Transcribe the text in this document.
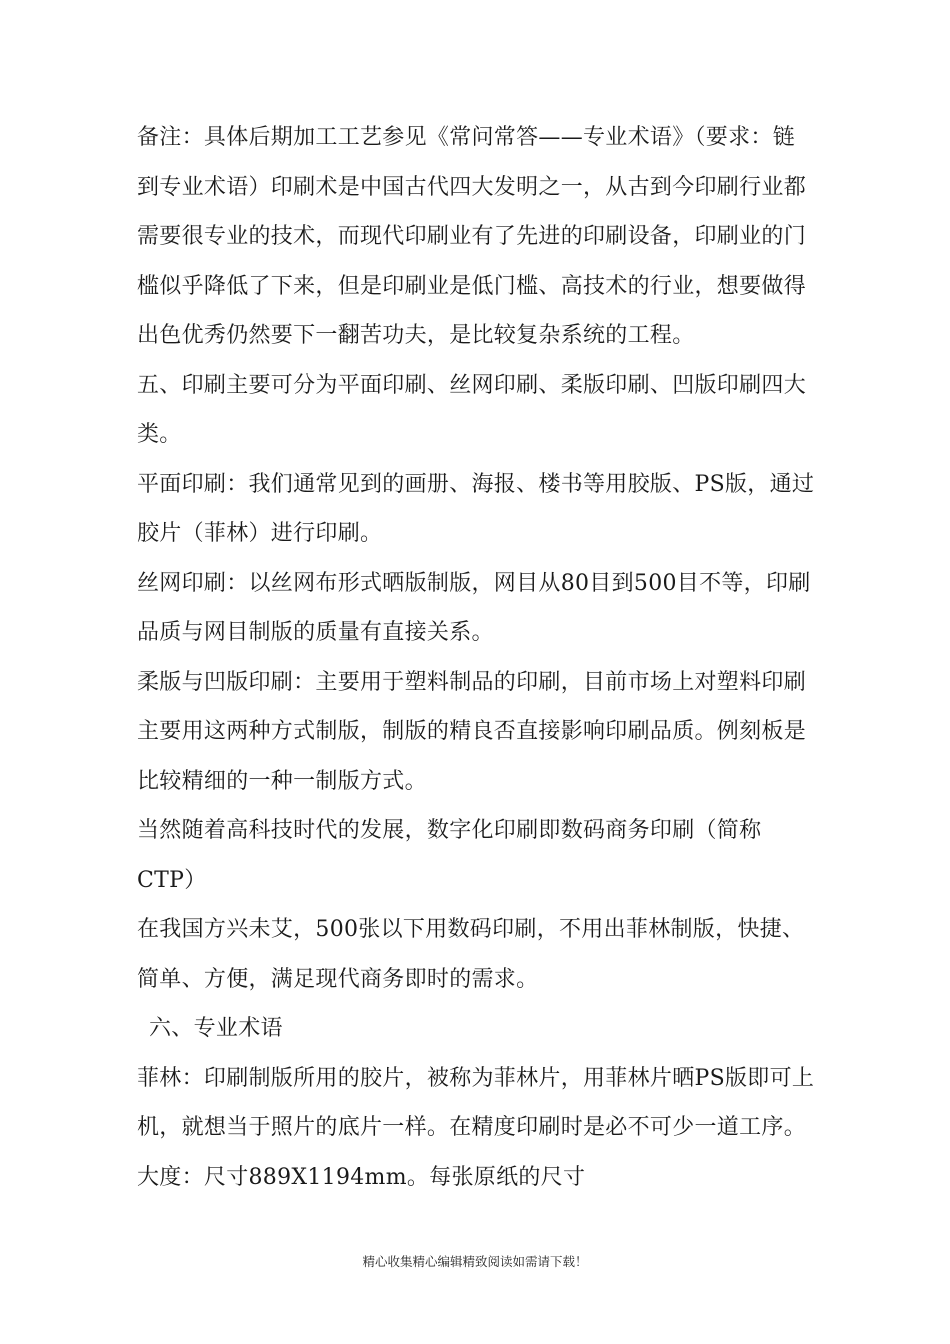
备注：具体后期加工工艺参见《常问常答——专业术语》（要求：链
到专业术语）印刷术是中国古代四大发明之一，从古到今印刷行业都
需要很专业的技术，而现代印刷业有了先进的印刷设备，印刷业的门
槛似乎降低了下来，但是印刷业是低门槛、高技术的行业，想要做得
出色优秀仍然要下一翻苦功夫，是比较复杂系统的工程。
五、印刷主要可分为平面印刷、丝网印刷、柔版印刷、凹版印刷四大
类。
平面印刷：我们通常见到的画册、海报、楼书等用胶版、PS版，通过
胶片（菲林）进行印刷。
丝网印刷：以丝网布形式晒版制版，网目从80目到500目不等，印刷
品质与网目制版的质量有直接关系。
柔版与凹版印刷：主要用于塑料制品的印刷，目前市场上对塑料印刷
主要用这两种方式制版，制版的精良否直接影响印刷品质。例刻板是
比较精细的一种一制版方式。
当然随着高科技时代的发展，数字化印刷即数码商务印刷（简称
CTP）
在我国方兴未艾，500张以下用数码印刷，不用出菲林制版，快捷、
简单、方便，满足现代商务即时的需求。
六、专业术语
菲林：印刷制版所用的胶片，被称为菲林片，用菲林片晒PS版即可上
机，就想当于照片的底片一样。在精度印刷时是必不可少一道工序。
大度：尺寸889X1194mm。每张原纸的尺寸
精心收集精心编辑精致阅读如需请下载！
